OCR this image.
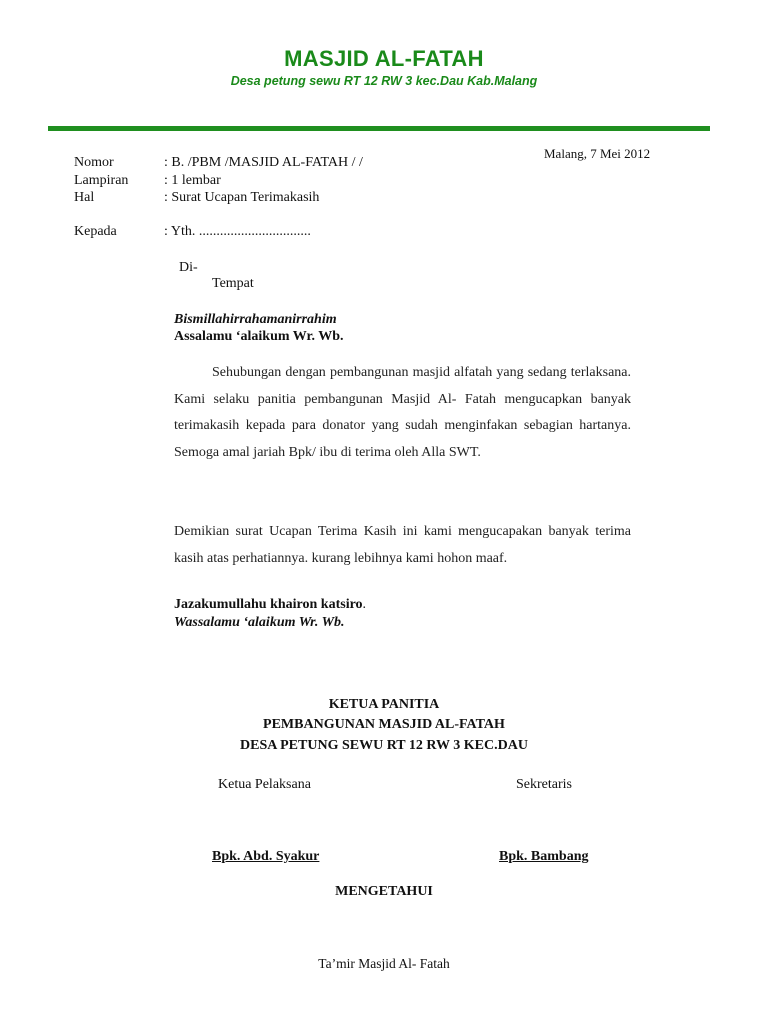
MASJID AL-FATAH
Desa petung sewu RT 12 RW 3 kec.Dau Kab.Malang
Malang, 7 Mei 2012
Nomor	: B. /PBM /MASJID AL-FATAH / /
Lampiran	: 1 lembar
Hal	: Surat Ucapan Terimakasih
Kepada	: Yth. ................................
Di-
Tempat
Bismillahirrahamanirrahim
Assalamu ‘alaikum Wr. Wb.
Sehubungan dengan pembangunan masjid alfatah yang sedang terlaksana. Kami selaku panitia pembangunan Masjid Al- Fatah mengucapkan banyak terimakasih kepada para donator yang sudah menginfakan sebagian hartanya. Semoga amal jariah Bpk/ ibu di terima oleh Alla SWT.
Demikian surat Ucapan Terima Kasih ini kami mengucapakan banyak terima kasih atas perhatiannya. kurang lebihnya kami hohon maaf.
Jazakumullahu khairon katsiro.
Wassalamu ‘alaikum Wr. Wb.
KETUA PANITIA
PEMBANGUNAN MASJID AL-FATAH
DESA PETUNG SEWU RT 12 RW 3 KEC.DAU
Ketua Pelaksana	Sekretaris
Bpk. Abd. Syakur	Bpk. Bambang
MENGETAHUI
Ta’mir Masjid Al- Fatah
